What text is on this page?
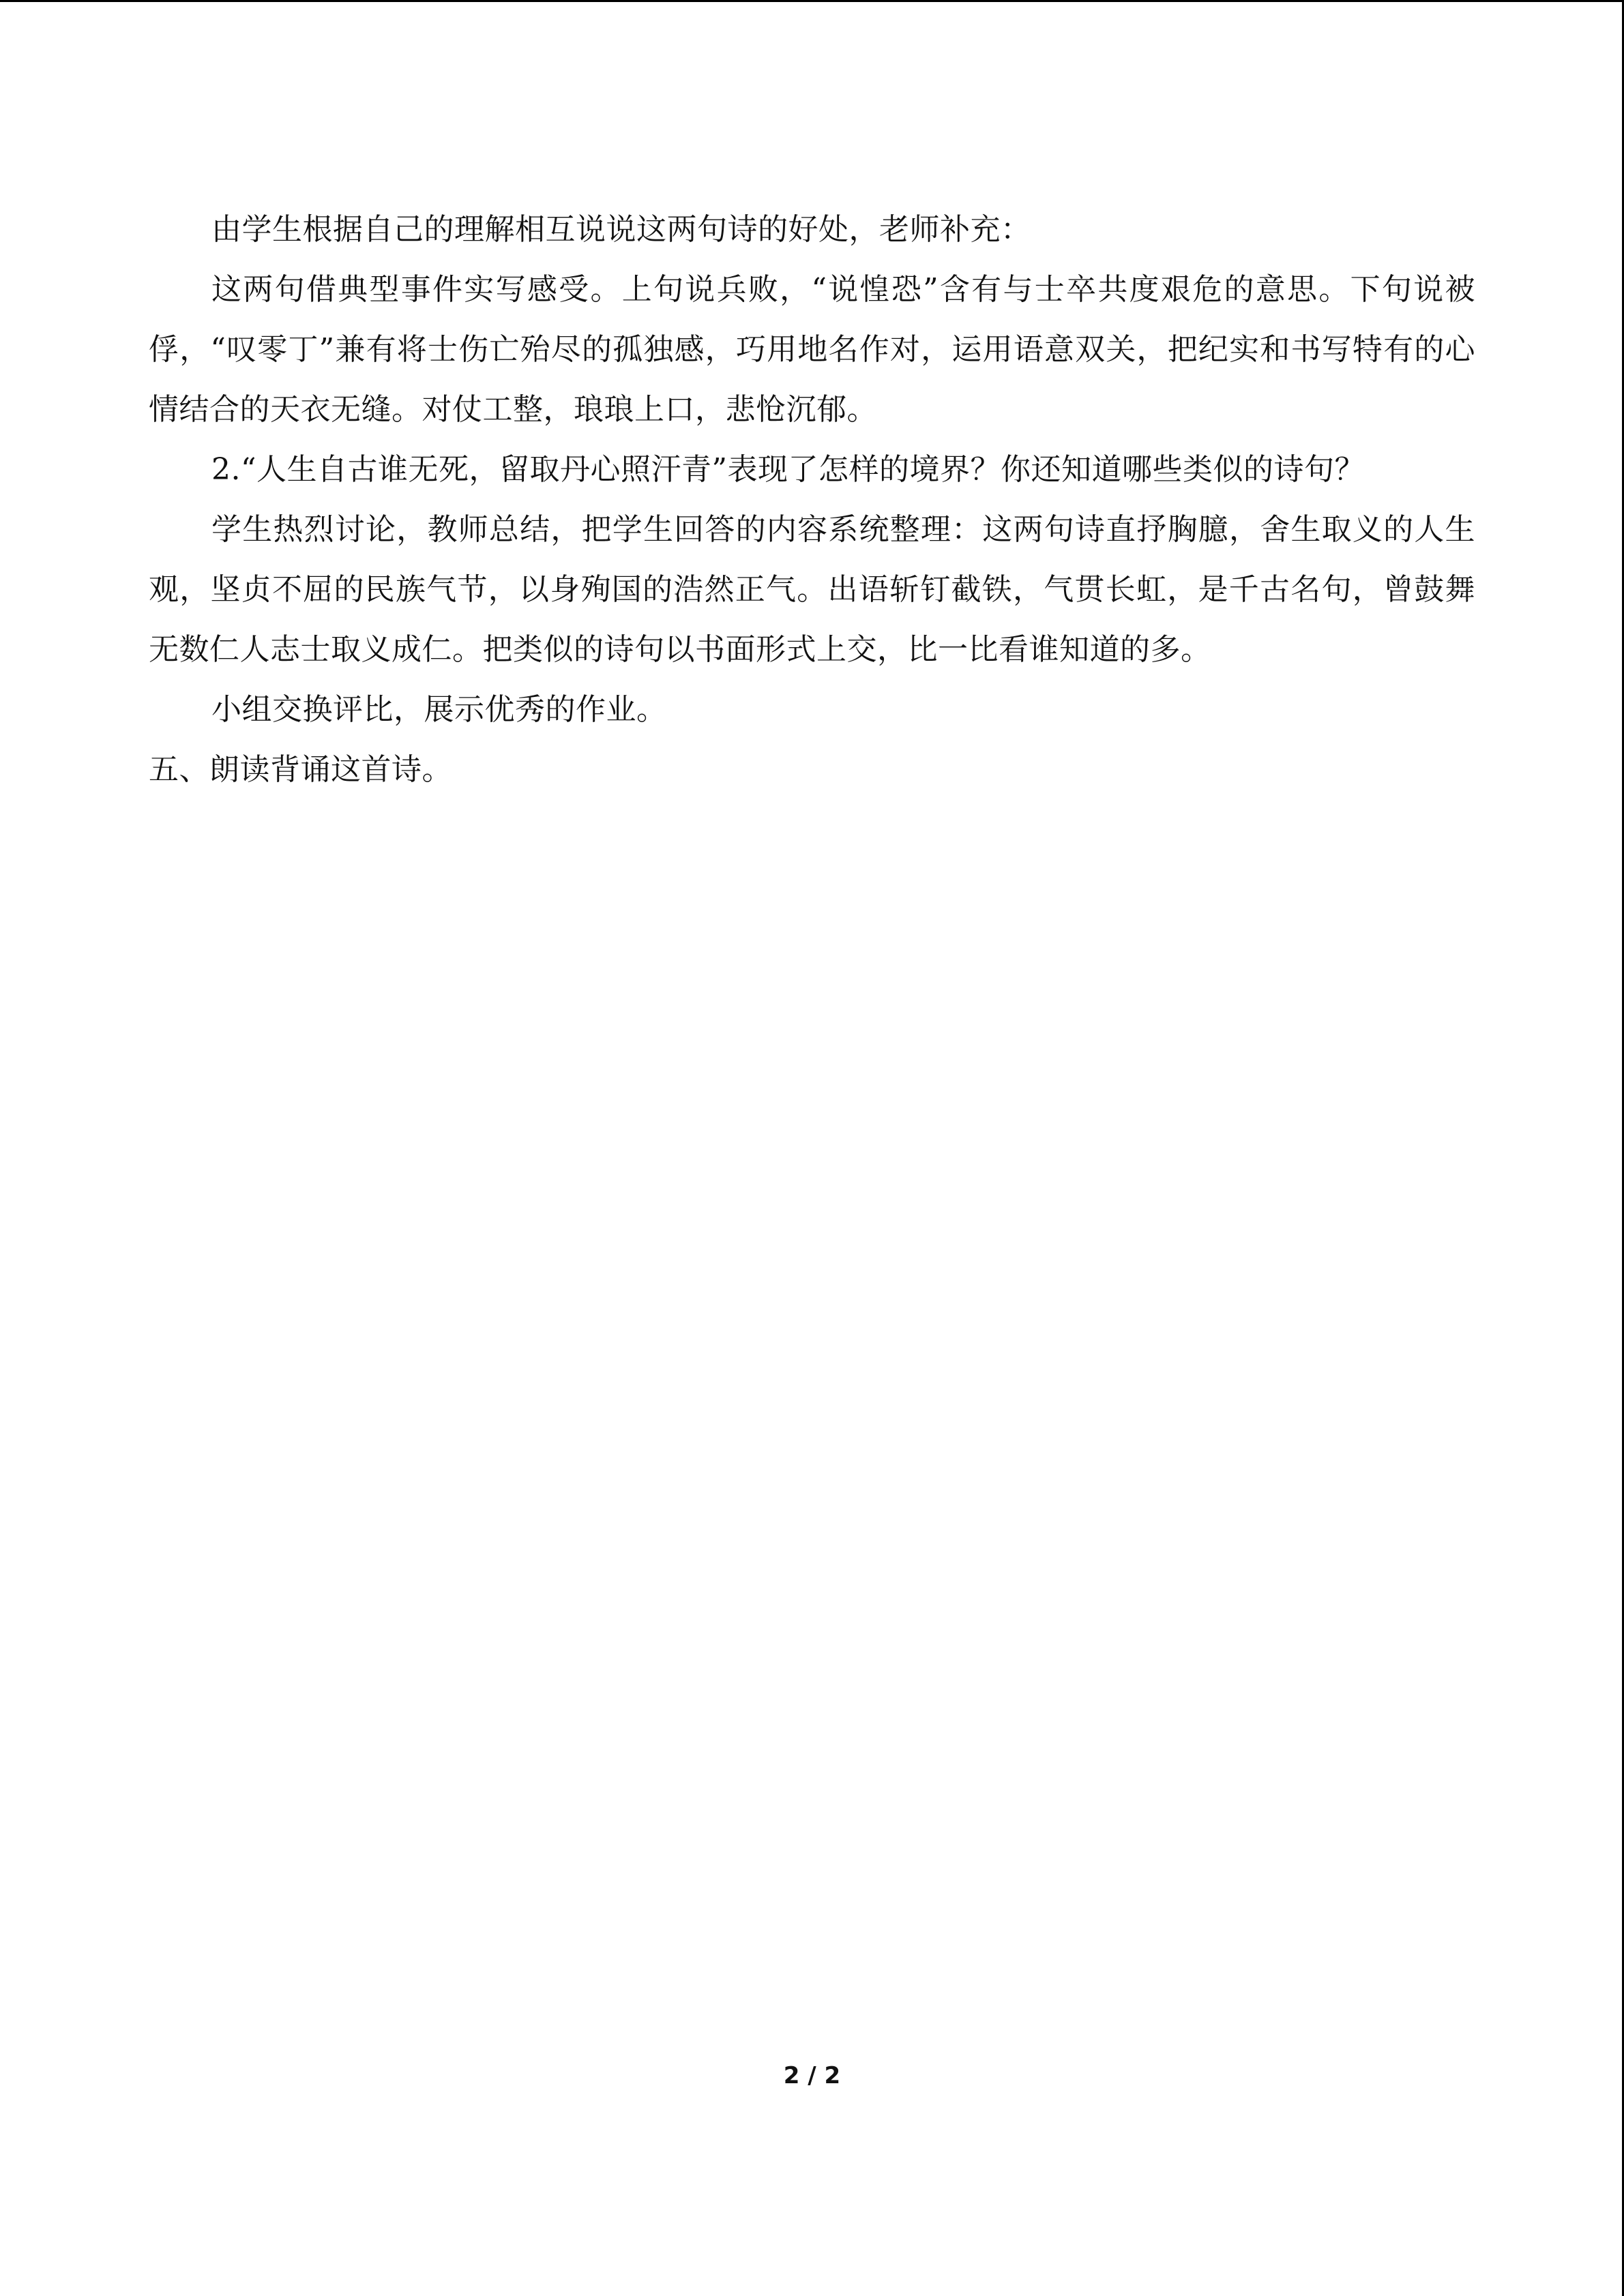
由学生根据自己的理解相互说说这两句诗的好处，老师补充：

这两句借典型事件实写感受。上句说兵败，“说惶恐”含有与士卒共度艰危的意思。下句说被俘，“叹零丁”兼有将士伤亡殆尽的孤独感，巧用地名作对，运用语意双关，把纪实和书写特有的心情结合的天衣无缝。对仗工整，琅琅上口，悲怆沉郁。

2.“人生自古谁无死，留取丹心照汗青”表现了怎样的境界？你还知道哪些类似的诗句？

学生热烈讨论，教师总结，把学生回答的内容系统整理：这两句诗直抒胸臆，舍生取义的人生观，坚贞不屈的民族气节，以身殉国的浩然正气。出语斩钉截铁，气贯长虹，是千古名句，曾鼓舞无数仁人志士取义成仁。把类似的诗句以书面形式上交，比一比看谁知道的多。

小组交换评比，展示优秀的作业。

五、朗读背诵这首诗。

2 / 2
